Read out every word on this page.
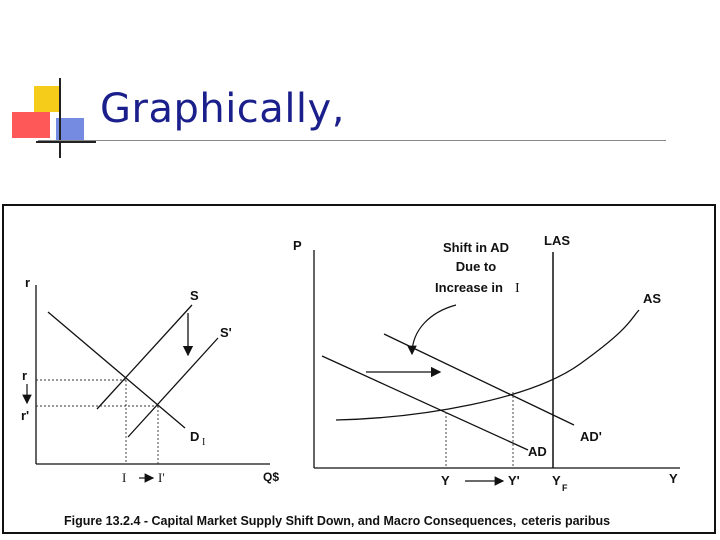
Graphically,
r
Q$
S
S'
D I
r
r'
I I'
P
Y
LAS
AS
AD
AD'
Shift in AD
Due to
Increase in I
Y	Y' Y F
Figure 13.2.4 - Capital Market Supply Shift Down, and Macro Consequences, ceteris paribus
